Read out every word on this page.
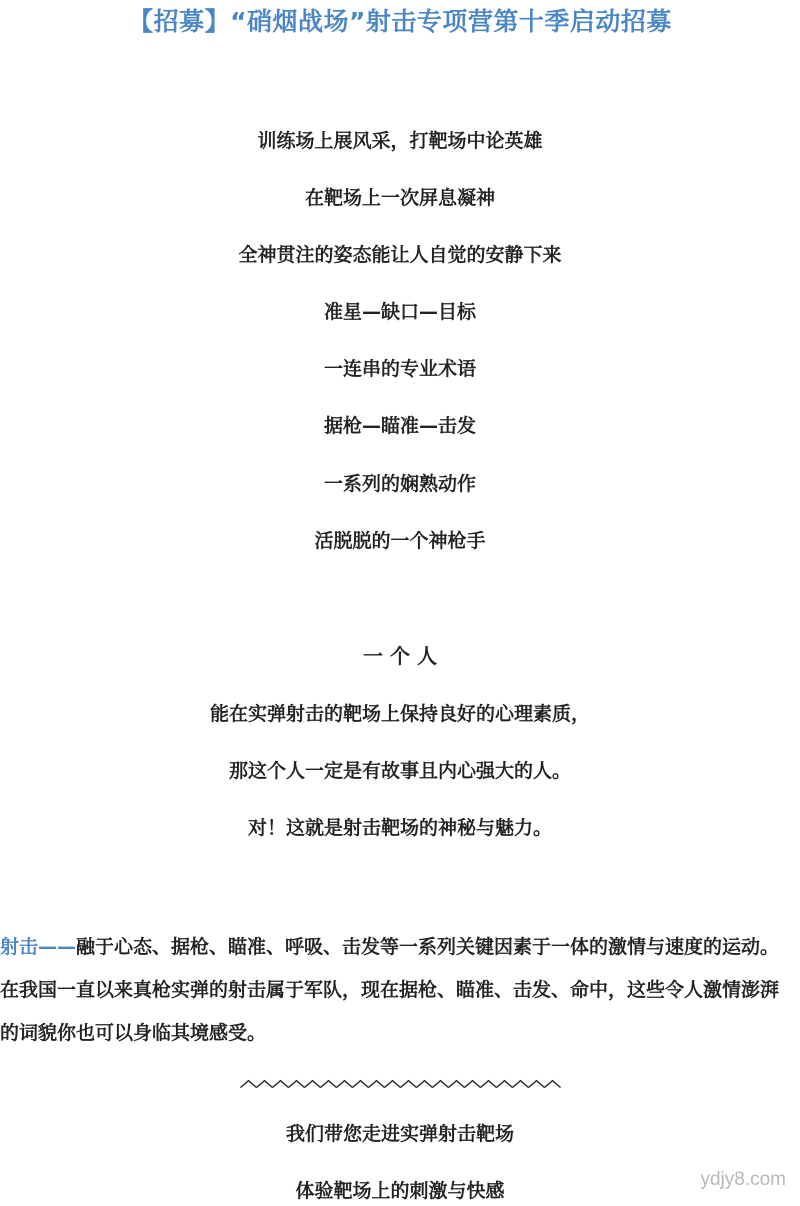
【招募】“硝烟战场”射击专项营第十季启动招募
训练场上展风采，打靶场中论英雄
在靶场上一次屏息凝神
全神贯注的姿态能让人自觉的安静下来
准星—缺口—目标
一连串的专业术语
据枪—瞄准—击发
一系列的娴熟动作
活脱脱的一个神枪手
一 个 人
能在实弹射击的靶场上保持良好的心理素质，
那这个人一定是有故事且内心强大的人。
对！这就是射击靶场的神秘与魅力。
射击——融于心态、据枪、瞄准、呼吸、击发等一系列关键因素于一体的激情与速度的运动。在我国一直以来真枪实弹的射击属于军队，现在据枪、瞄准、击发、命中，这些令人激情澎湃的词貌你也可以身临其境感受。
︿︿︿︿︿︿︿︿︿︿︿︿︿︿︿︿︿︿︿︿
我们带您走进实弹射击靶场
体验靶场上的刺激与快感
ydjy8.com
